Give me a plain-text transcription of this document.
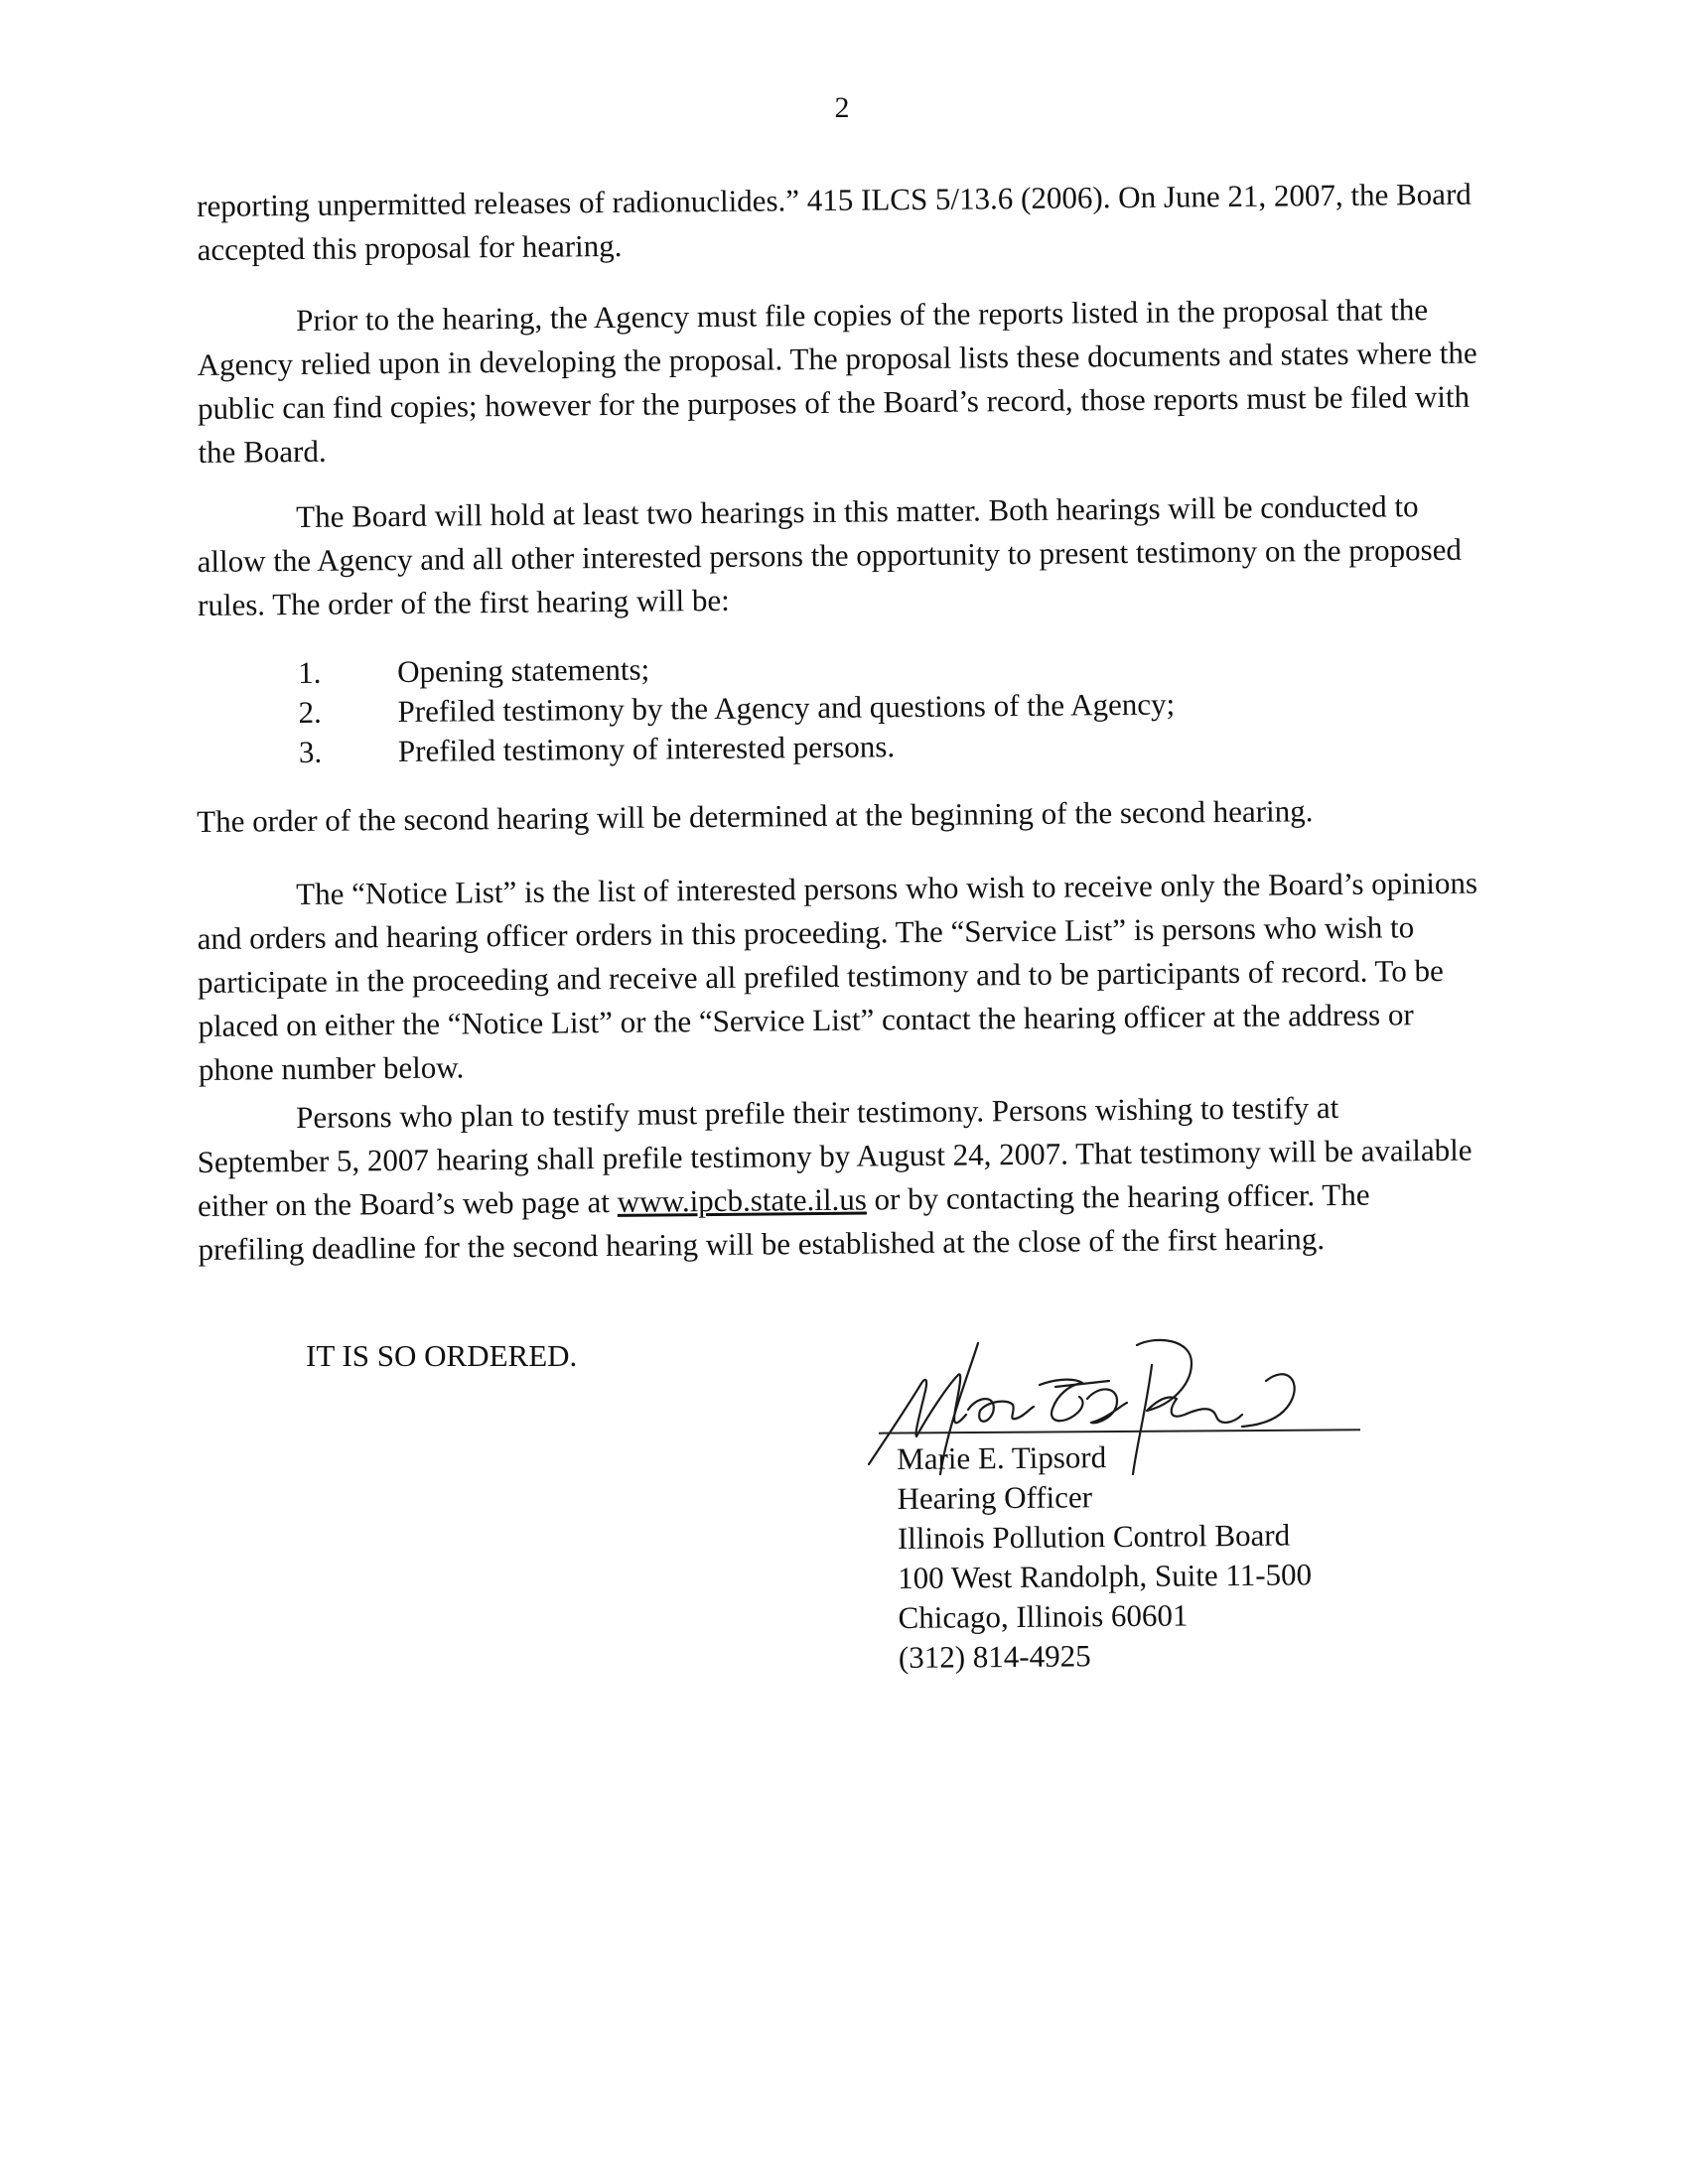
2

reporting unpermitted releases of radionuclides.” 415 ILCS 5/13.6 (2006). On June 21, 2007, the Board accepted this proposal for hearing.

Prior to the hearing, the Agency must file copies of the reports listed in the proposal that the Agency relied upon in developing the proposal. The proposal lists these documents and states where the public can find copies; however for the purposes of the Board’s record, those reports must be filed with the Board.

The Board will hold at least two hearings in this matter. Both hearings will be conducted to allow the Agency and all other interested persons the opportunity to present testimony on the proposed rules. The order of the first hearing will be:

1.	Opening statements;
2.	Prefiled testimony by the Agency and questions of the Agency;
3.	Prefiled testimony of interested persons.

The order of the second hearing will be determined at the beginning of the second hearing.

The “Notice List” is the list of interested persons who wish to receive only the Board’s opinions and orders and hearing officer orders in this proceeding. The “Service List” is persons who wish to participate in the proceeding and receive all prefiled testimony and to be participants of record. To be placed on either the “Notice List” or the “Service List” contact the hearing officer at the address or phone number below.

Persons who plan to testify must prefile their testimony. Persons wishing to testify at September 5, 2007 hearing shall prefile testimony by August 24, 2007. That testimony will be available either on the Board’s web page at www.ipcb.state.il.us or by contacting the hearing officer. The prefiling deadline for the second hearing will be established at the close of the first hearing.

IT IS SO ORDERED.
Marie E. Tipsord
Hearing Officer
Illinois Pollution Control Board
100 West Randolph, Suite 11-500
Chicago, Illinois 60601
(312) 814-4925
